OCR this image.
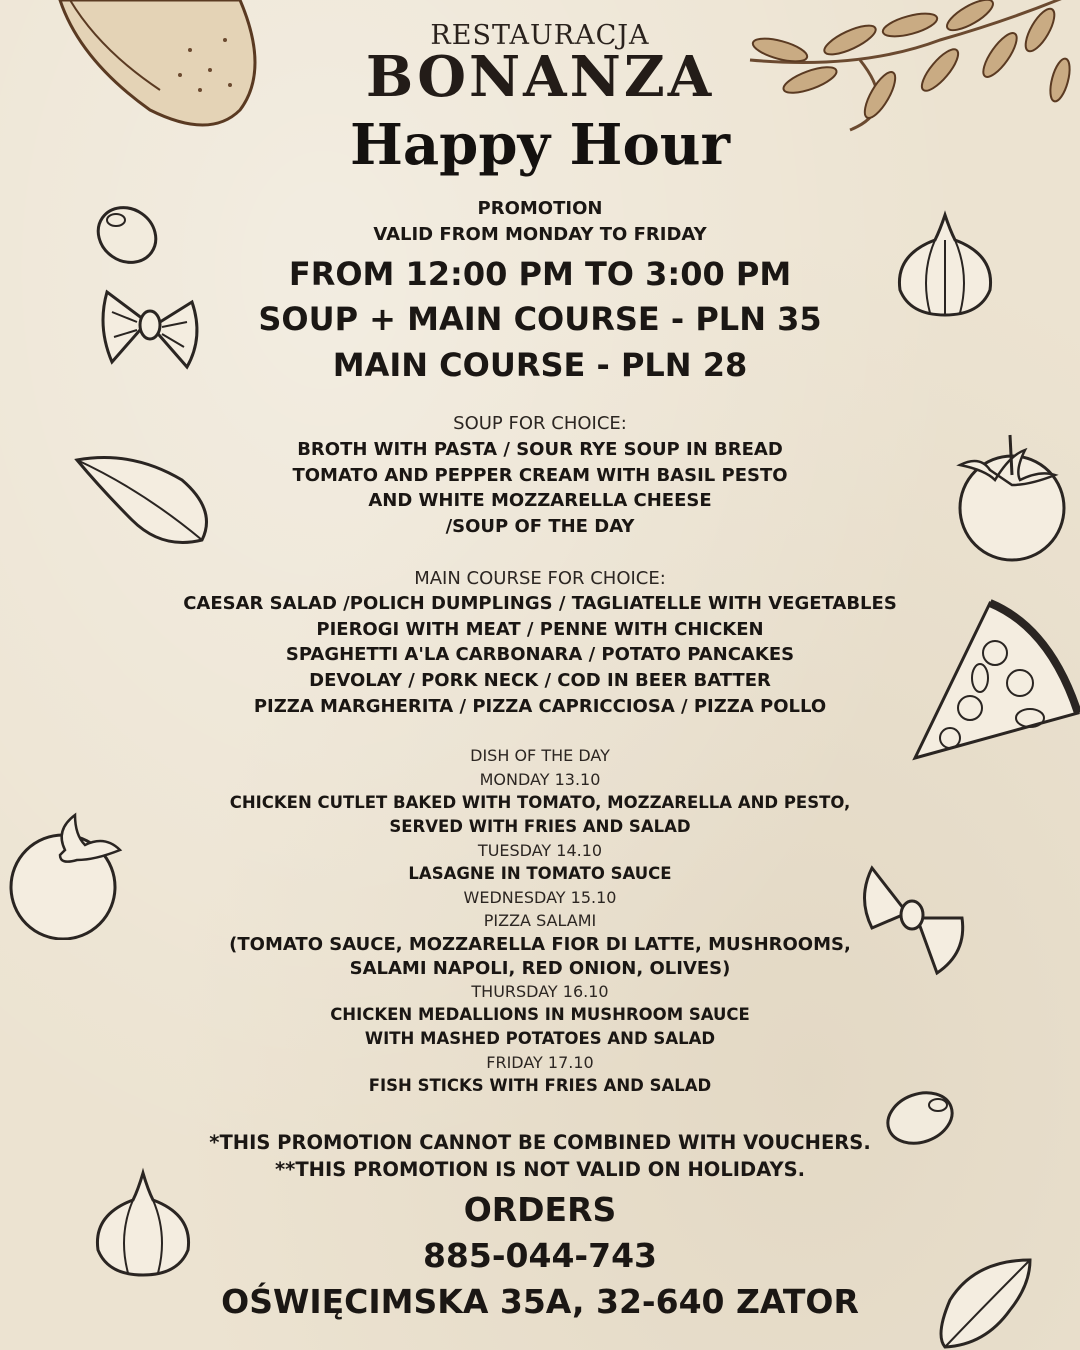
RESTAURACJA
BONANZA
Happy Hour
PROMOTION
VALID FROM MONDAY TO FRIDAY
FROM 12:00 PM TO 3:00 PM
SOUP + MAIN COURSE - PLN 35
MAIN COURSE - PLN 28
SOUP FOR CHOICE:
BROTH WITH PASTA / SOUR RYE SOUP IN BREAD
TOMATO AND PEPPER CREAM WITH BASIL PESTO
AND WHITE MOZZARELLA CHEESE
/SOUP OF THE DAY
MAIN COURSE FOR CHOICE:
CAESAR SALAD /POLICH DUMPLINGS / TAGLIATELLE WITH VEGETABLES
PIEROGI WITH MEAT / PENNE WITH CHICKEN
SPAGHETTI A'LA CARBONARA / POTATO PANCAKES
DEVOLAY / PORK NECK / COD IN BEER BATTER
PIZZA MARGHERITA / PIZZA CAPRICCIOSA / PIZZA POLLO
DISH OF THE DAY
MONDAY 13.10
CHICKEN CUTLET BAKED WITH TOMATO, MOZZARELLA AND PESTO,
SERVED WITH FRIES AND SALAD
TUESDAY 14.10
LASAGNE IN TOMATO SAUCE
WEDNESDAY 15.10
PIZZA SALAMI
(TOMATO SAUCE, MOZZARELLA FIOR DI LATTE, MUSHROOMS,
SALAMI NAPOLI, RED ONION, OLIVES)
THURSDAY 16.10
CHICKEN MEDALLIONS IN MUSHROOM SAUCE
WITH MASHED POTATOES AND SALAD
FRIDAY 17.10
FISH STICKS WITH FRIES AND SALAD
*THIS PROMOTION CANNOT BE COMBINED WITH VOUCHERS.
**THIS PROMOTION IS NOT VALID ON HOLIDAYS.
ORDERS
885-044-743
OŚWIĘCIMSKA 35A, 32-640 ZATOR
